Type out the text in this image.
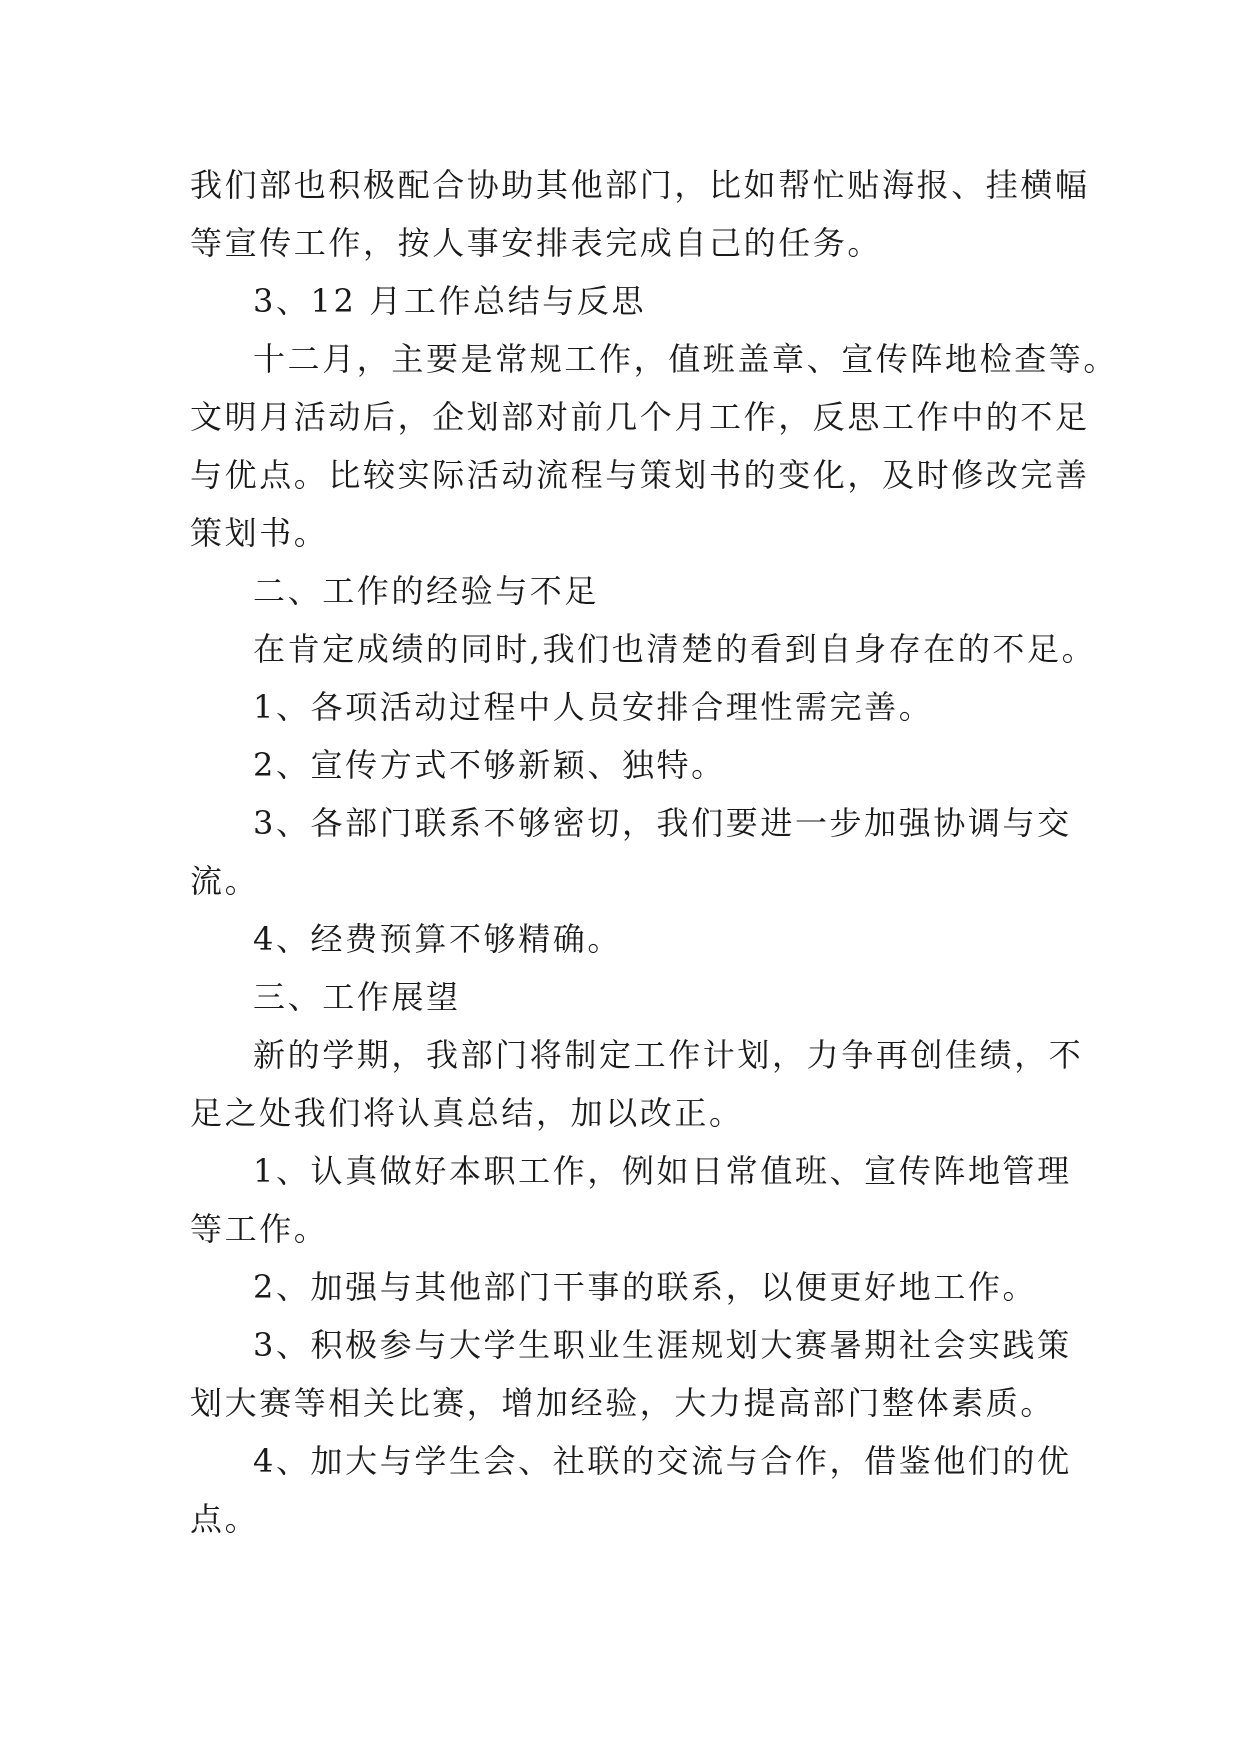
我们部也积极配合协助其他部门，比如帮忙贴海报、挂横幅
等宣传工作，按人事安排表完成自己的任务。
3、12 月工作总结与反思
十二月，主要是常规工作，值班盖章、宣传阵地检查等。
文明月活动后，企划部对前几个月工作，反思工作中的不足
与优点。比较实际活动流程与策划书的变化，及时修改完善
策划书。
二、工作的经验与不足
在肯定成绩的同时,我们也清楚的看到自身存在的不足。
1、各项活动过程中人员安排合理性需完善。
2、宣传方式不够新颖、独特。
3、各部门联系不够密切，我们要进一步加强协调与交
流。
4、经费预算不够精确。
三、工作展望
新的学期，我部门将制定工作计划，力争再创佳绩，不
足之处我们将认真总结，加以改正。
1、认真做好本职工作，例如日常值班、宣传阵地管理
等工作。
2、加强与其他部门干事的联系，以便更好地工作。
3、积极参与大学生职业生涯规划大赛暑期社会实践策
划大赛等相关比赛，增加经验，大力提高部门整体素质。
4、加大与学生会、社联的交流与合作，借鉴他们的优
点。
